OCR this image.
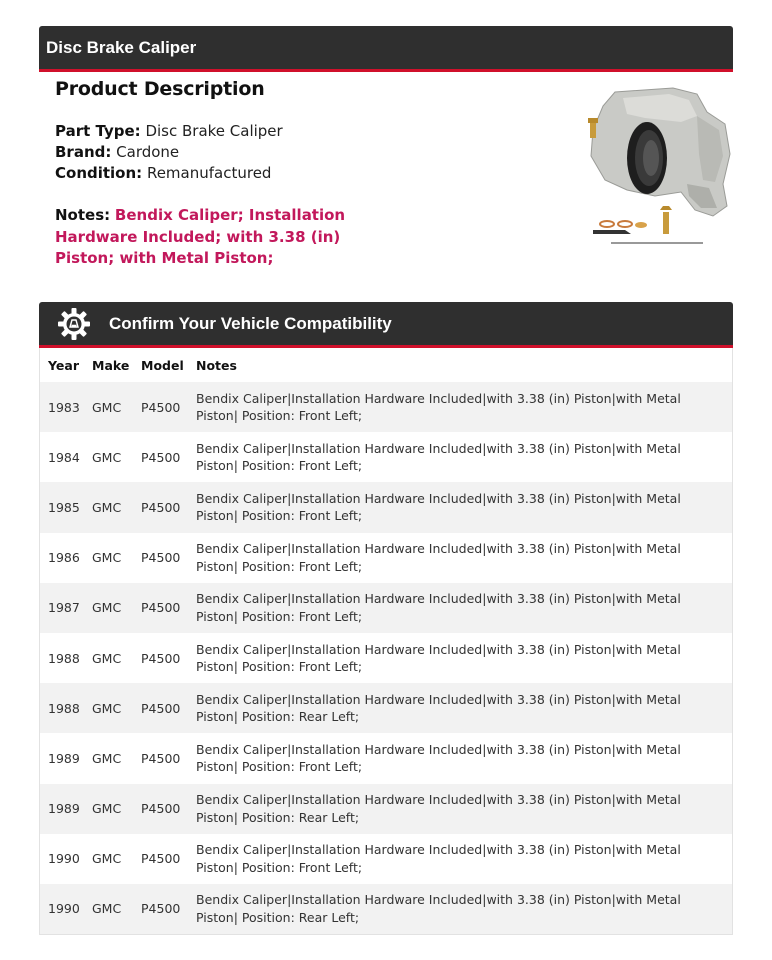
Disc Brake Caliper
Product Description
Part Type: Disc Brake Caliper
Brand: Cardone
Condition: Remanufactured
Notes: Bendix Caliper; Installation Hardware Included; with 3.38 (in) Piston; with Metal Piston;
Confirm Your Vehicle Compatibility
Year	Make	Model	Notes
1983	GMC	P4500	Bendix Caliper|Installation Hardware Included|with 3.38 (in) Piston|with Metal Piston| Position: Front Left;
1984	GMC	P4500	Bendix Caliper|Installation Hardware Included|with 3.38 (in) Piston|with Metal Piston| Position: Front Left;
1985	GMC	P4500	Bendix Caliper|Installation Hardware Included|with 3.38 (in) Piston|with Metal Piston| Position: Front Left;
1986	GMC	P4500	Bendix Caliper|Installation Hardware Included|with 3.38 (in) Piston|with Metal Piston| Position: Front Left;
1987	GMC	P4500	Bendix Caliper|Installation Hardware Included|with 3.38 (in) Piston|with Metal Piston| Position: Front Left;
1988	GMC	P4500	Bendix Caliper|Installation Hardware Included|with 3.38 (in) Piston|with Metal Piston| Position: Front Left;
1988	GMC	P4500	Bendix Caliper|Installation Hardware Included|with 3.38 (in) Piston|with Metal Piston| Position: Rear Left;
1989	GMC	P4500	Bendix Caliper|Installation Hardware Included|with 3.38 (in) Piston|with Metal Piston| Position: Front Left;
1989	GMC	P4500	Bendix Caliper|Installation Hardware Included|with 3.38 (in) Piston|with Metal Piston| Position: Rear Left;
1990	GMC	P4500	Bendix Caliper|Installation Hardware Included|with 3.38 (in) Piston|with Metal Piston| Position: Front Left;
1990	GMC	P4500	Bendix Caliper|Installation Hardware Included|with 3.38 (in) Piston|with Metal Piston| Position: Rear Left;
